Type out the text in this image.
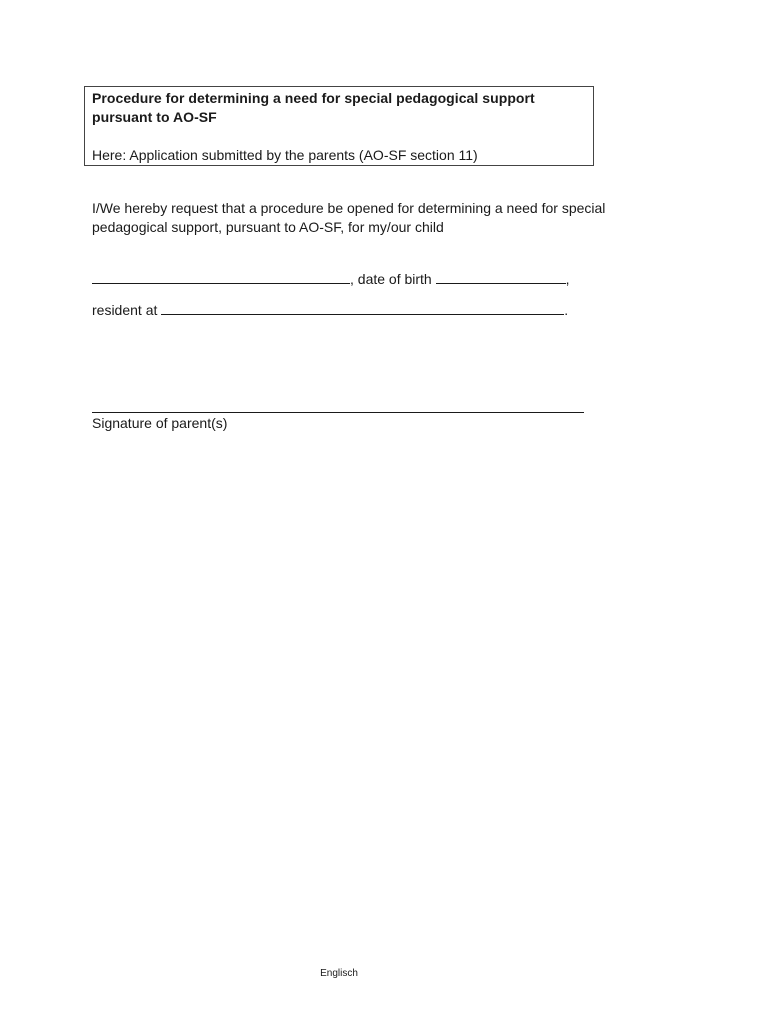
Procedure for determining a need for special pedagogical support pursuant to AO-SF

Here: Application submitted by the parents (AO-SF section 11)

I/We hereby request that a procedure be opened for determining a need for special pedagogical support, pursuant to AO-SF, for my/our child

, date of birth	,
resident at	.
Signature of parent(s)
Englisch
